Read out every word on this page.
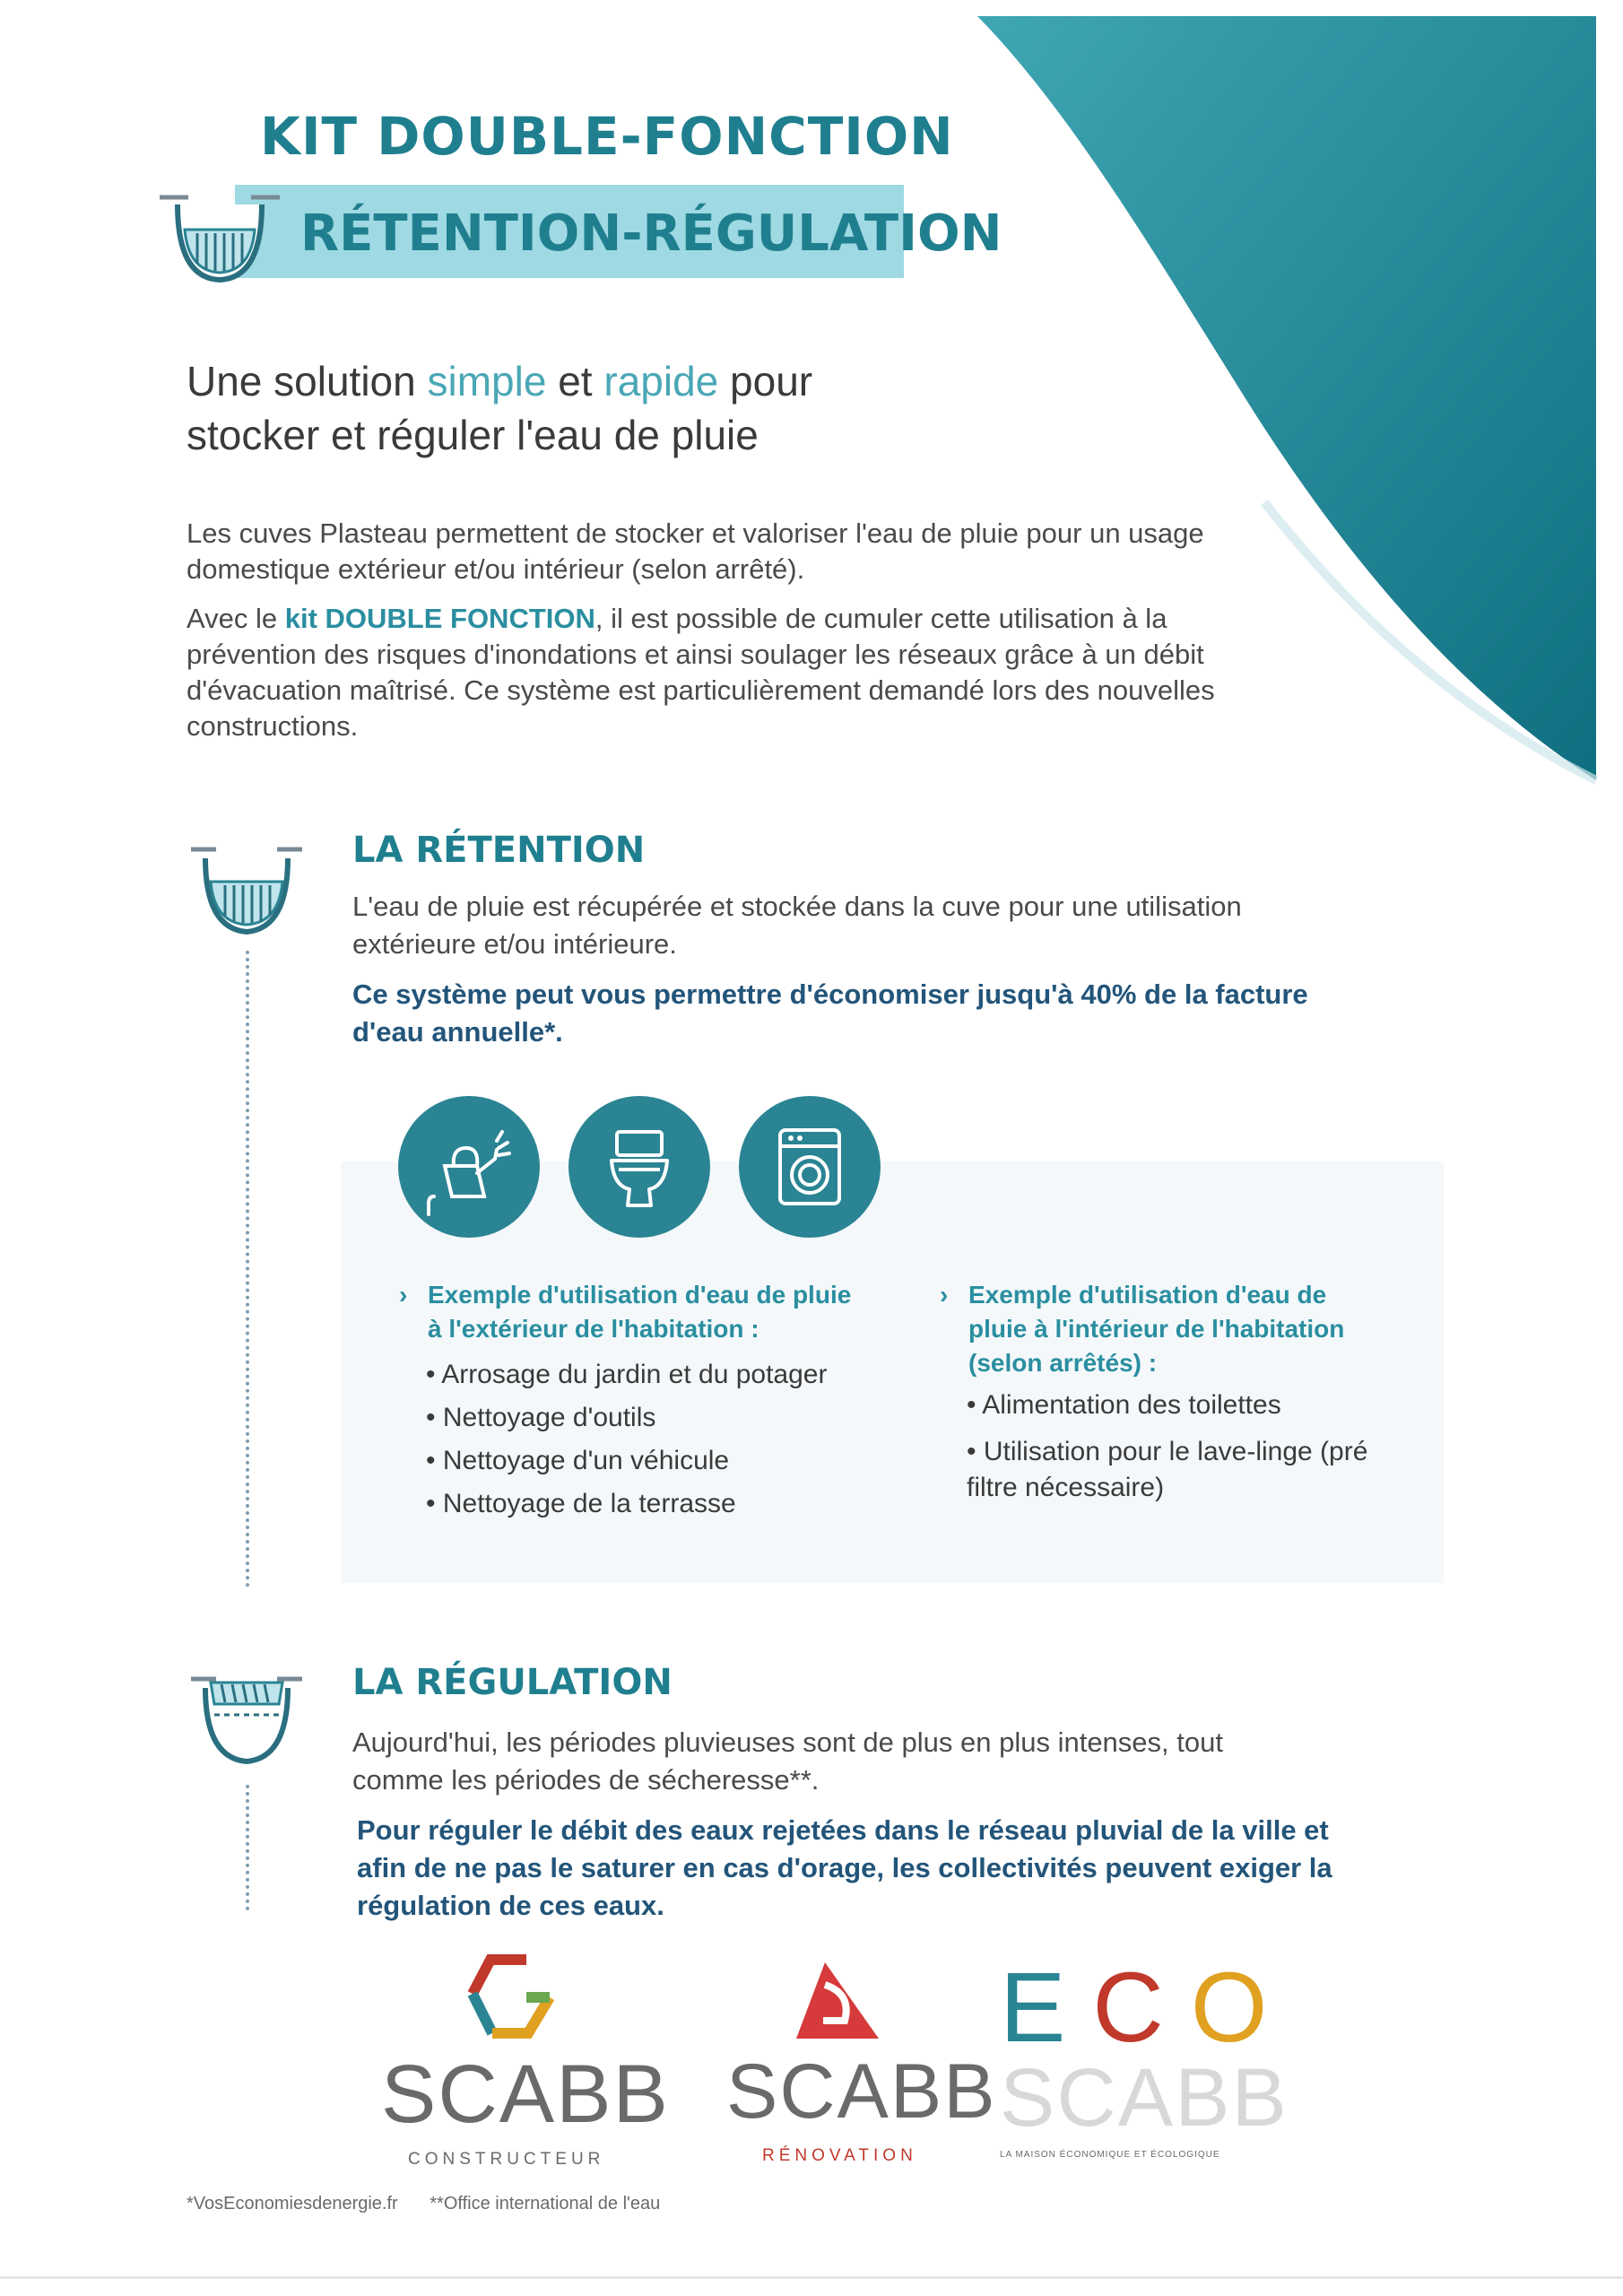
KIT DOUBLE-FONCTION
RÉTENTION-RÉGULATION
Une solution simple et rapide pour
stocker et réguler l'eau de pluie
Les cuves Plasteau permettent de stocker et valoriser l'eau de pluie pour un usage domestique extérieur et/ou intérieur (selon arrêté).
Avec le kit DOUBLE FONCTION, il est possible de cumuler cette utilisation à la prévention des risques d'inondations et ainsi soulager les réseaux grâce à un débit d'évacuation maîtrisé. Ce système est particulièrement demandé lors des nouvelles constructions.
LA RÉTENTION
L'eau de pluie est récupérée et stockée dans la cuve pour une utilisation extérieure et/ou intérieure.
Ce système peut vous permettre d'économiser jusqu'à 40% de la facture d'eau annuelle*.
› Exemple d'utilisation d'eau de pluie à l'extérieur de l'habitation :
• Arrosage du jardin et du potager
• Nettoyage d'outils
• Nettoyage d'un véhicule
• Nettoyage de la terrasse
› Exemple d'utilisation d'eau de pluie à l'intérieur de l'habitation (selon arrêtés) :
• Alimentation des toilettes
• Utilisation pour le lave-linge (pré filtre nécessaire)
LA RÉGULATION
Aujourd'hui, les périodes pluvieuses sont de plus en plus intenses, tout comme les périodes de sécheresse**.
Pour réguler le débit des eaux rejetées dans le réseau pluvial de la ville et afin de ne pas le saturer en cas d'orage, les collectivités peuvent exiger la régulation de ces eaux.
SCABB
CONSTRUCTEUR
SCABB
RÉNOVATION
ECO
SCABB
LA MAISON ÉCONOMIQUE ET ÉCOLOGIQUE
*VosEconomiesdenergie.fr **Office international de l'eau
